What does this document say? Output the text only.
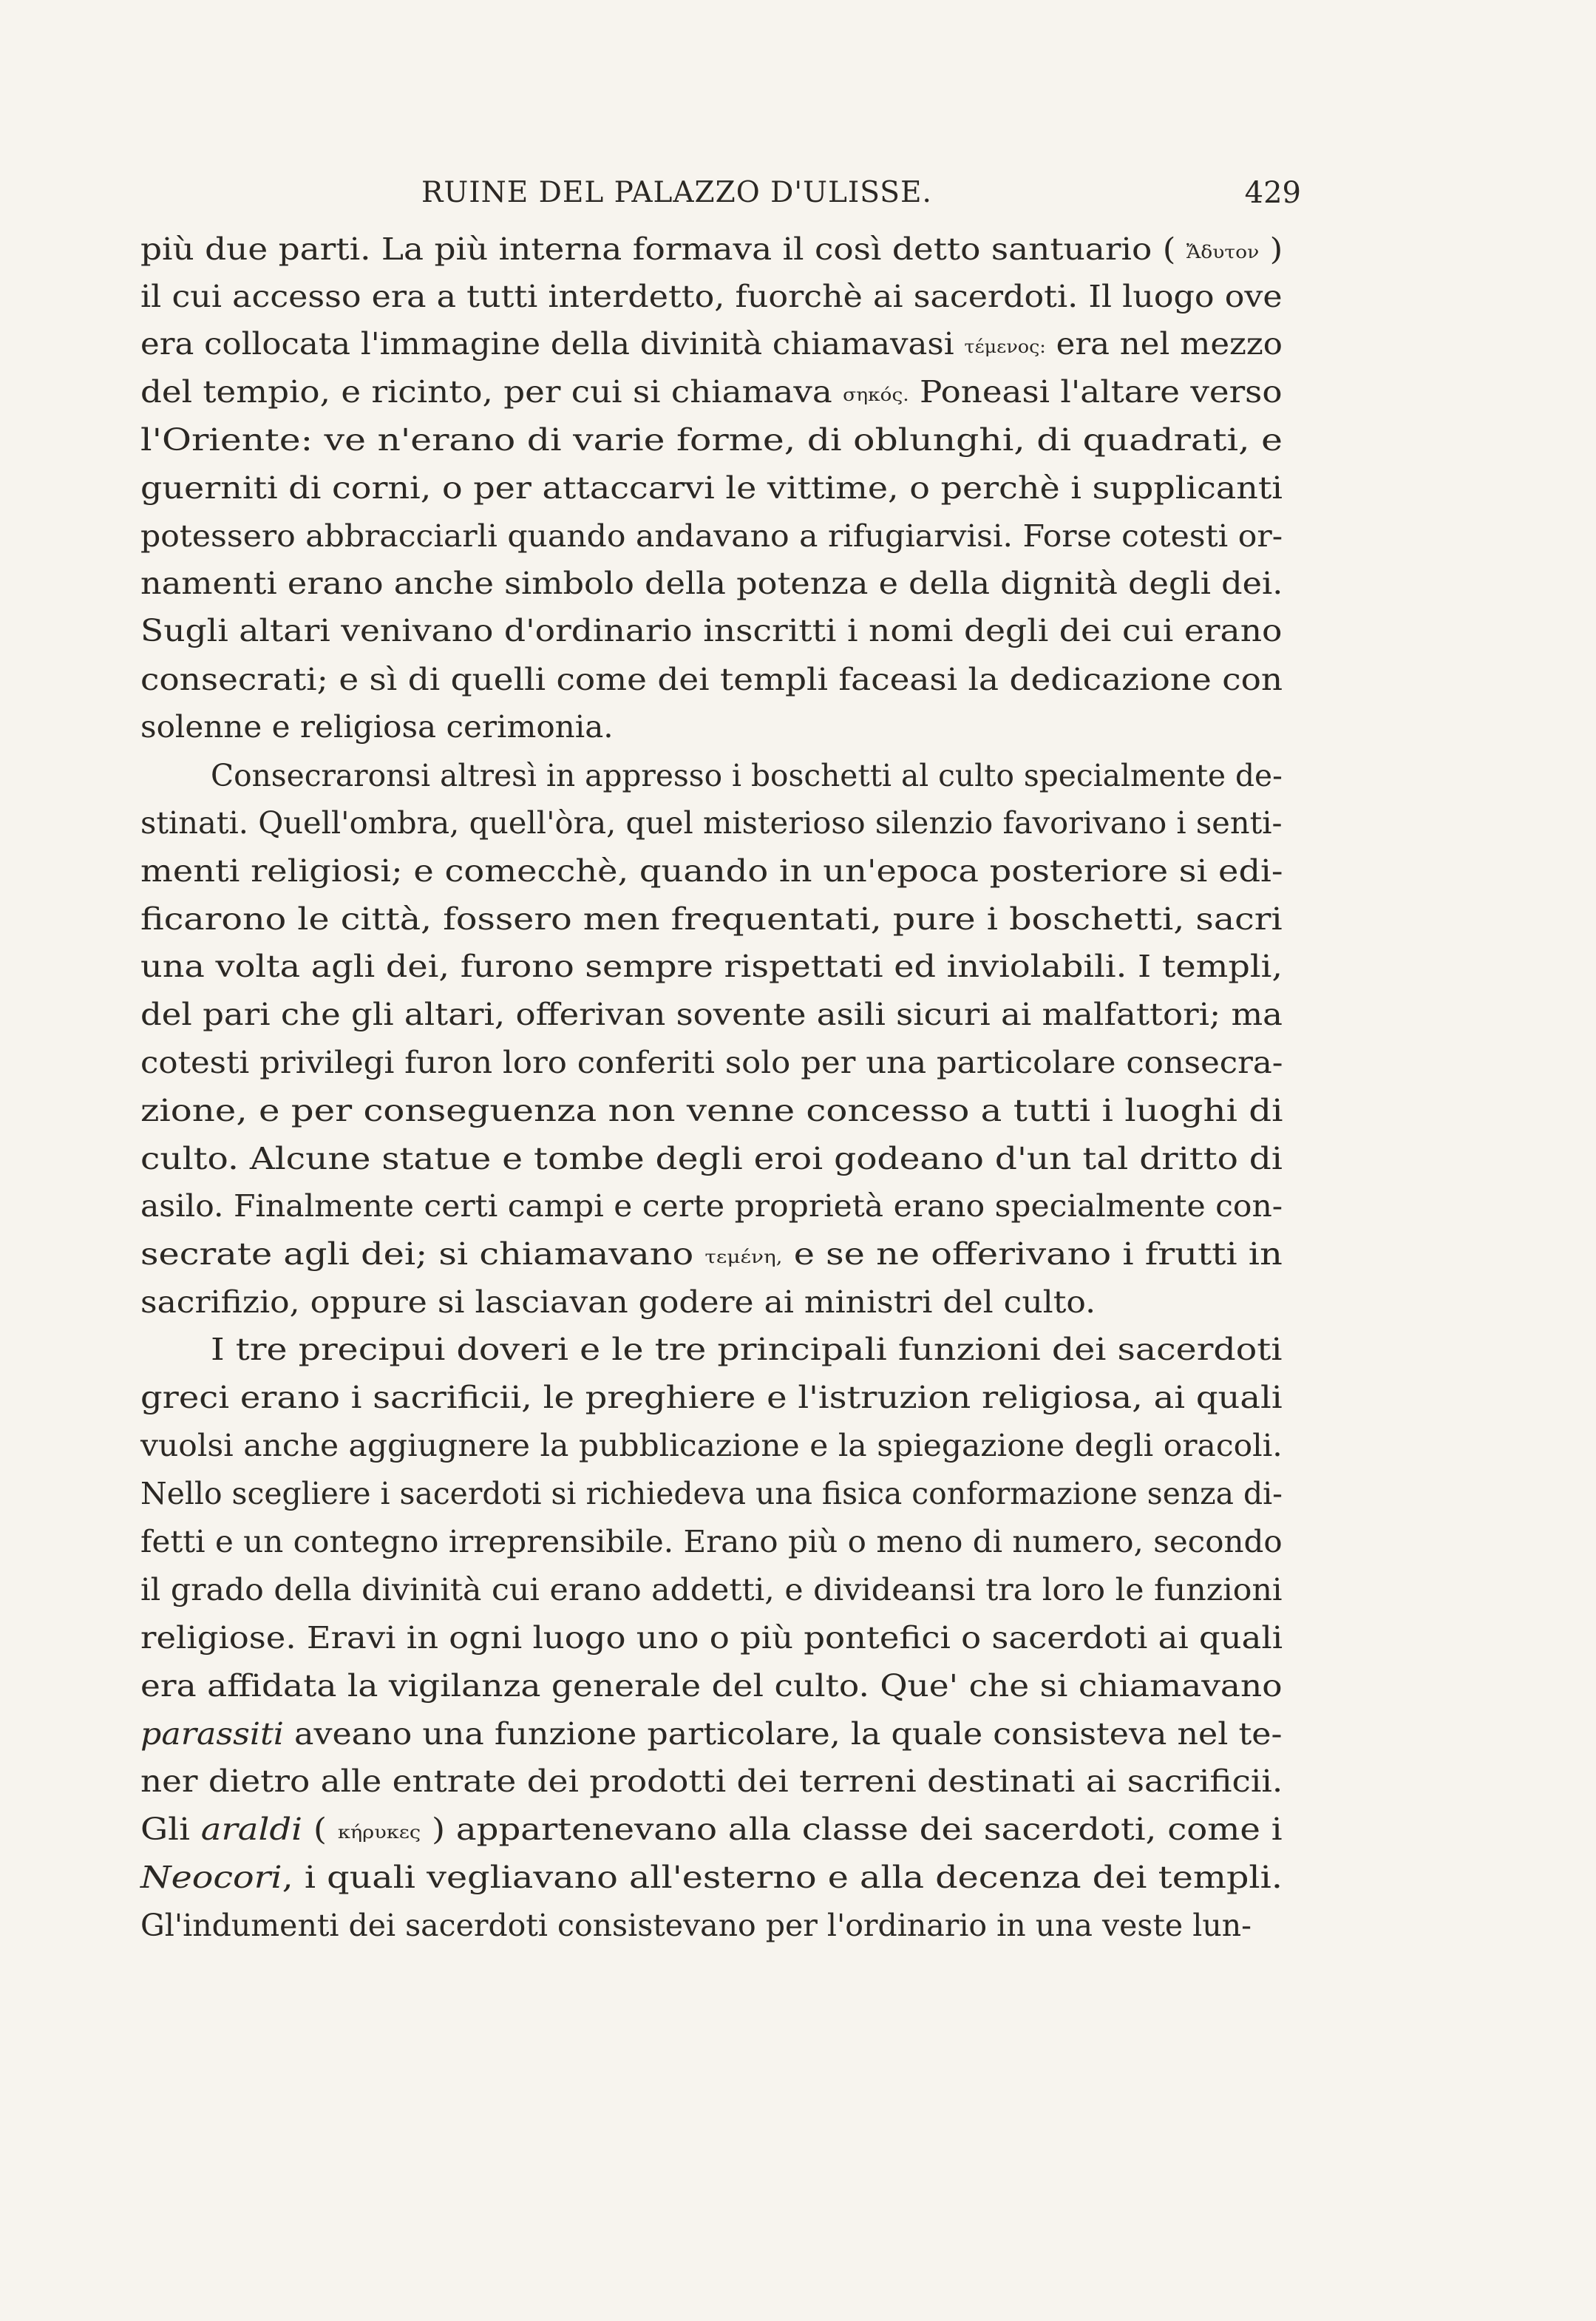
RUINE DEL PALAZZO D'ULISSE.	429
più due parti. La più interna formava il così detto santuario ( Ἄδυτον )
il cui accesso era a tutti interdetto, fuorchè ai sacerdoti. Il luogo ove
era collocata l'immagine della divinità chiamavasi τέμενος: era nel mezzo
del tempio, e ricinto, per cui si chiamava σηκός. Poneasi l'altare verso
l'Oriente: ve n'erano di varie forme, di oblunghi, di quadrati, e
guerniti di corni, o per attaccarvi le vittime, o perchè i supplicanti
potessero abbracciarli quando andavano a rifugiarvisi. Forse cotesti or-
namenti erano anche simbolo della potenza e della dignità degli dei.
Sugli altari venivano d'ordinario inscritti i nomi degli dei cui erano
consecrati; e sì di quelli come dei templi faceasi la dedicazione con
solenne e religiosa cerimonia.
Consecraronsi altresì in appresso i boschetti al culto specialmente de-
stinati. Quell'ombra, quell'òra, quel misterioso silenzio favorivano i senti-
menti religiosi; e comecchè, quando in un'epoca posteriore si edi-
ficarono le città, fossero men frequentati, pure i boschetti, sacri
una volta agli dei, furono sempre rispettati ed inviolabili. I templi,
del pari che gli altari, offerivan sovente asili sicuri ai malfattori; ma
cotesti privilegi furon loro conferiti solo per una particolare consecra-
zione, e per conseguenza non venne concesso a tutti i luoghi di
culto. Alcune statue e tombe degli eroi godeano d'un tal dritto di
asilo. Finalmente certi campi e certe proprietà erano specialmente con-
secrate agli dei; si chiamavano τεμένη, e se ne offerivano i frutti in
sacrifizio, oppure si lasciavan godere ai ministri del culto.
I tre precipui doveri e le tre principali funzioni dei sacerdoti
greci erano i sacrificii, le preghiere e l'istruzion religiosa, ai quali
vuolsi anche aggiugnere la pubblicazione e la spiegazione degli oracoli.
Nello scegliere i sacerdoti si richiedeva una fisica conformazione senza di-
fetti e un contegno irreprensibile. Erano più o meno di numero, secondo
il grado della divinità cui erano addetti, e divideansi tra loro le funzioni
religiose. Eravi in ogni luogo uno o più pontefici o sacerdoti ai quali
era affidata la vigilanza generale del culto. Que' che si chiamavano
parassiti aveano una funzione particolare, la quale consisteva nel te-
ner dietro alle entrate dei prodotti dei terreni destinati ai sacrificii.
Gli araldi ( κήρυκες ) appartenevano alla classe dei sacerdoti, come i
Neocori, i quali vegliavano all'esterno e alla decenza dei templi.
Gl'indumenti dei sacerdoti consistevano per l'ordinario in una veste lun-
